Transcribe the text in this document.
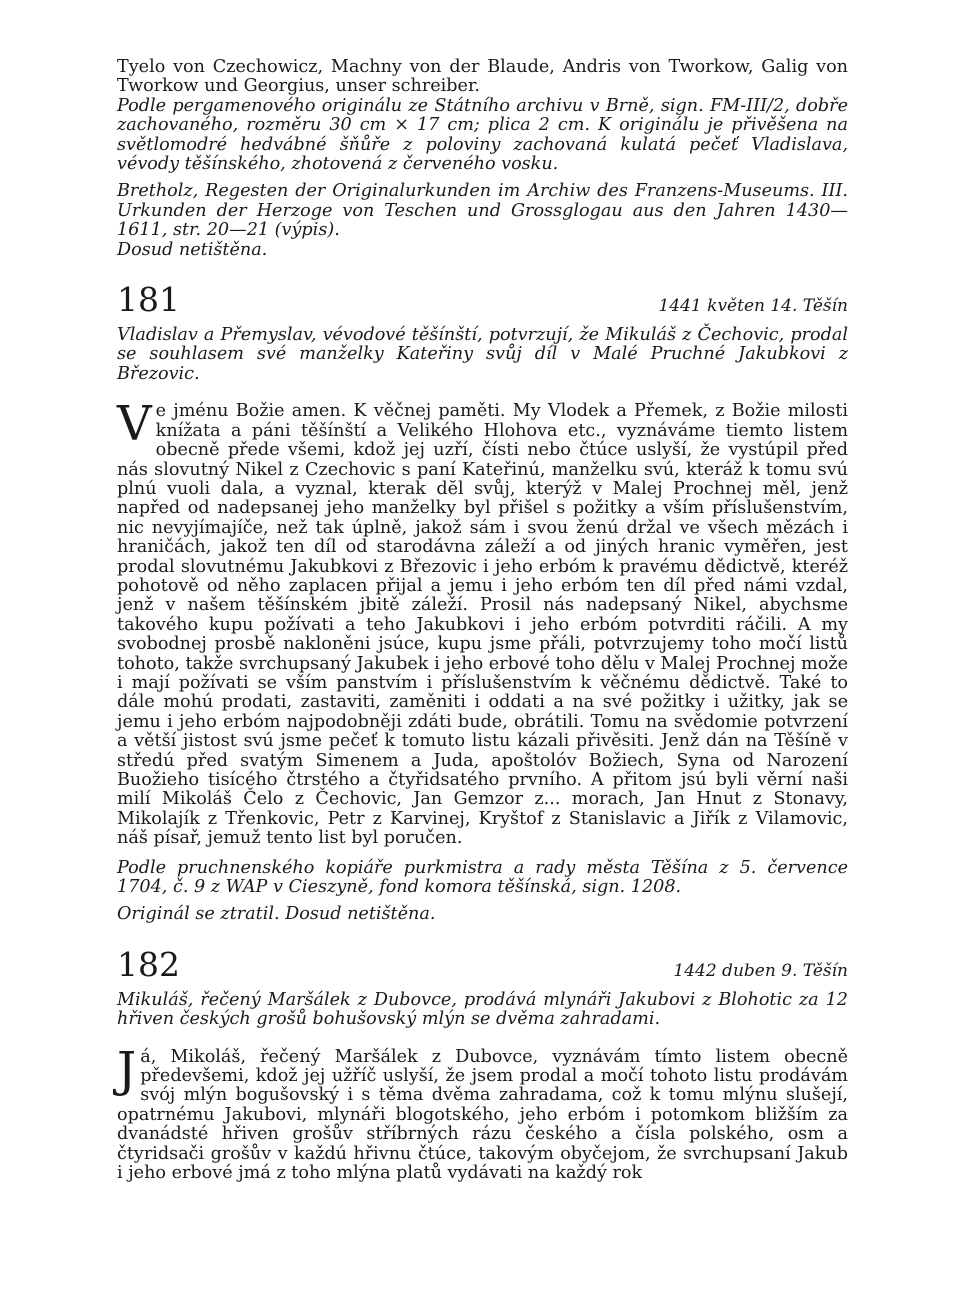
Tyelo von Czechowicz, Machny von der Blaude, Andris von Tworkow, Galig von Tworkow und Georgius, unser schreiber.

Podle pergamenového originálu ze Státního archivu v Brně, sign. FM-III/2, dobře zachovaného, rozměru 30 cm × 17 cm; plica 2 cm. K originálu je přivěšena na světlomodré hedvábné šňůře z poloviny zachovaná kulatá pečeť Vladislava, vévody těšínského, zhotovená z červeného vosku.

Bretholz, Regesten der Originalurkunden im Archiw des Franzens-Museums. III. Urkunden der Herzoge von Teschen und Grossglogau aus den Jahren 1430—1611, str. 20—21 (výpis).

Dosud netištěna.

181	1441 květen 14. Těšín

Vladislav a Přemyslav, vévodové těšínští, potvrzují, že Mikuláš z Čechovic, prodal se souhlasem své manželky Kateřiny svůj díl v Malé Pruchné Jakubkovi z Březovic.

V e jménu Božie amen. K věčnej paměti. My Vlodek a Přemek, z Božie milosti knížata a páni těšínští a Velikého Hlohova etc., vyznáváme tiemto listem obecně přede všemi, kdož jej uzří, čísti nebo čtúce uslyší, že vystúpil před nás slovutný Nikel z Czechovic s paní Kateřinú, manželku svú, kteráž k tomu svú plnú vuoli dala, a vyznal, kterak dĕl svůj, kterýž v Malej Prochnej měl, jenž napřed od nadepsanej jeho manželky byl přišel s požitky a vším příslušenstvím, nic nevyjímajíče, než tak úplně, jakož sám i svou ženú držal ve všech mězách i hraničách, jakož ten díl od starodávna záleží a od jiných hranic vyměřen, jest prodal slovutnému Jakubkovi z Březovic i jeho erbóm k pravému dědictvě, kteréž pohotově od něho zaplacen přijal a jemu i jeho erbóm ten díl před námi vzdal, jenž v našem těšínském jbitě záleží. Prosil nás nadepsaný Nikel, abychsme takového kupu požívati a teho Jakubkovi i jeho erbóm potvrditi ráčili. A my svobodnej prosbě nakloněni jsúce, kupu jsme přáli, potvrzujemy toho močí listů tohoto, takže svrchupsaný Jakubek i jeho erbové toho dělu v Malej Prochnej može i mají požívati se vším panstvím i příslušenstvím k věčnému dědictvě. Také to dále mohú prodati, zastaviti, zaměniti i oddati a na své požitky i užitky, jak se jemu i jeho erbóm najpodobněji zdáti bude, obrátili. Tomu na svědomie potvrzení a větší jistost svú jsme pečeť k tomuto listu kázali přivěsiti. Jenž dán na Těšíně v středú před svatým Simenem a Juda, apoštolóv Božiech, Syna od Narození Buožieho tisícého čtrstého a čtyřidsatého prvního. A přitom jsú byli věrní naši milí Mikoláš Čelo z Čechovic, Jan Gemzor z... morach, Jan Hnut z Stonavy, Mikolajík z Třenkovic, Petr z Karvinej, Kryštof z Stanislavic a Jiřík z Vilamovic, náš písař, jemuž tento list byl poručen.

Podle pruchnenského kopiáře purkmistra a rady města Těšína z 5. července 1704, č. 9 z WAP v Cieszyně, fond komora těšínská, sign. 1208.

Originál se ztratil. Dosud netištěna.

182	1442 duben 9. Těšín

Mikuláš, řečený Maršálek z Dubovce, prodává mlynáři Jakubovi z Blohotic za 12 hřiven českých grošů bohušovský mlýn se dvěma zahradami.

J á, Mikoláš, řečený Maršálek z Dubovce, vyznávám tímto listem obecně předevšemi, kdož jej užříč uslyší, že jsem prodal a močí tohoto listu prodávám svój mlýn bogušovský i s těma dvěma zahradama, což k tomu mlýnu slušejí, opatrnému Jakubovi, mlynáři blogotského, jeho erbóm i potomkom bližším za dvanádsté hřiven grošův stříbrných rázu českého a čísla polského, osm a čtyridsači grošův v každú hřivnu čtúce, takovým obyčejom, že svrchupsaní Jakub i jeho erbové jmá z toho mlýna platů vydávati na každý rok
